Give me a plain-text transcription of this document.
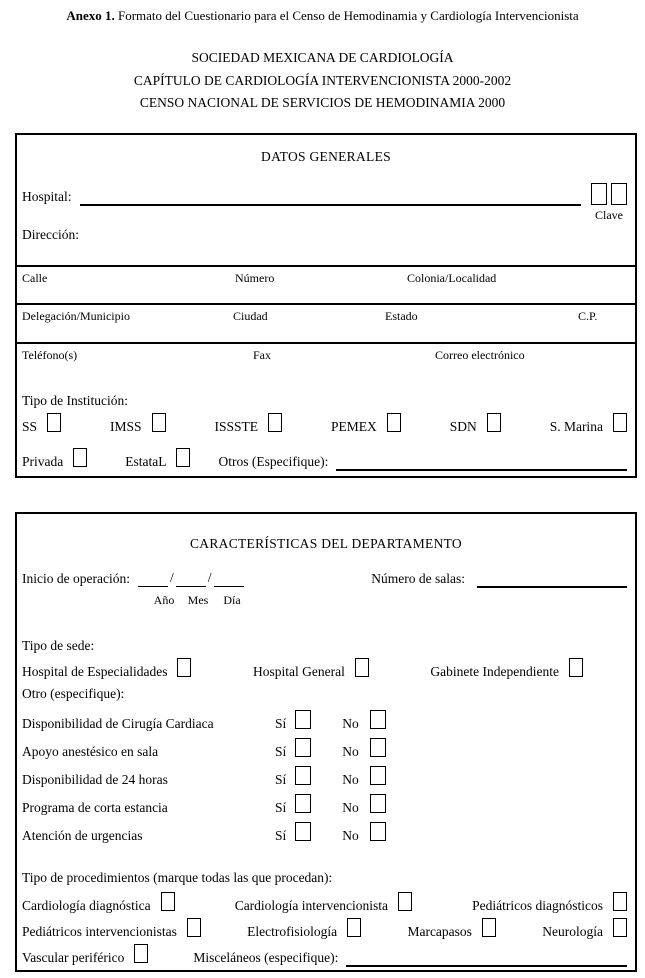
Anexo 1. Formato del Cuestionario para el Censo de Hemodinamia y Cardiología Intervencionista
SOCIEDAD MEXICANA DE CARDIOLOGÍA
CAPÍTULO DE CARDIOLOGÍA INTERVENCIONISTA 2000-2002
CENSO NACIONAL DE SERVICIOS DE HEMODINAMIA 2000
DATOS GENERALES
Hospital:
Clave
Dirección:
Calle	Número	Colonia/Localidad
Delegación/Municipio	Ciudad	Estado	C.P.
Teléfono(s)	Fax	Correo electrónico
Tipo de Institución:
SS	IMSS	ISSSTE	PEMEX	SDN	S. Marina
Privada	EstataL	Otros (Especifique):
CARACTERÍSTICAS DEL DEPARTAMENTO
Inicio de operación:	/	/	Número de salas:
Año	Mes	Día
Tipo de sede:
Hospital de Especialidades	Hospital General	Gabinete Independiente
Otro (especifique):
Disponibilidad de Cirugía Cardiaca	Sí	No
Apoyo anestésico en sala	Sí	No
Disponibilidad de 24 horas	Sí	No
Programa de corta estancia	Sí	No
Atención de urgencias	Sí	No
Tipo de procedimientos (marque todas las que procedan):
Cardiología diagnóstica	Cardiología intervencionista	Pediátricos diagnósticos
Pediátricos intervencionistas	Electrofisiología	Marcapasos	Neurología
Vascular periférico	Misceláneos (especifique):
